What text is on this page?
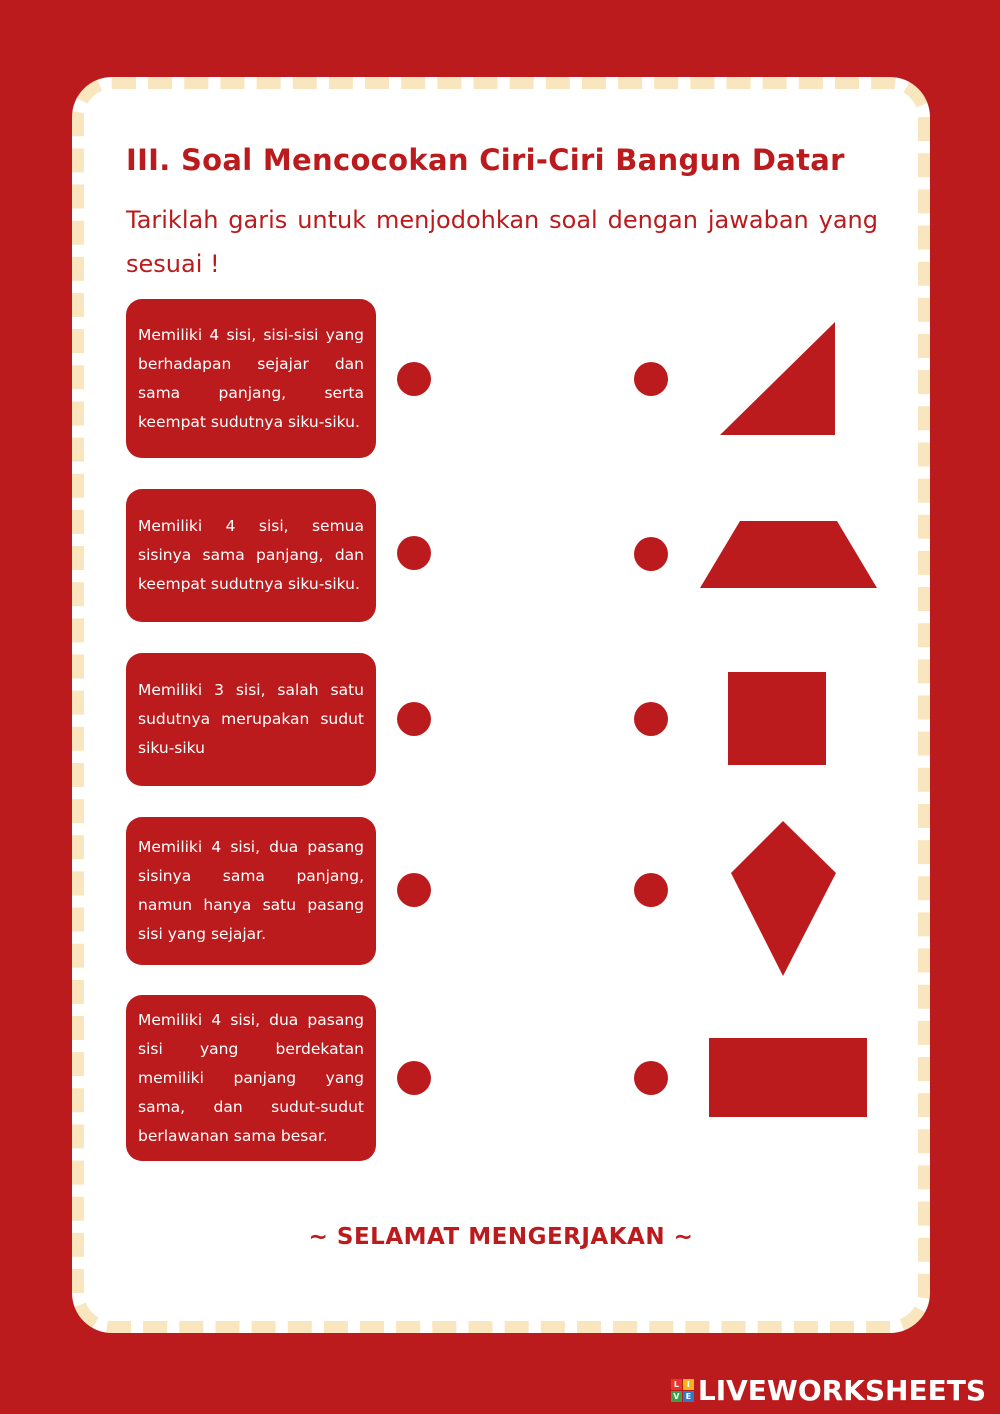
III. Soal Mencocokan Ciri-Ciri Bangun Datar
Tariklah garis untuk menjodohkan soal dengan jawaban yang sesuai !
Memiliki 4 sisi, sisi-sisi yang berhadapan sejajar dan sama panjang, serta keempat sudutnya siku-siku.
Memiliki 4 sisi, semua sisinya sama panjang, dan keempat sudutnya siku-siku.
Memiliki 3 sisi, salah satu sudutnya merupakan sudut siku-siku
Memiliki 4 sisi, dua pasang sisinya sama panjang, namun hanya satu pasang sisi yang sejajar.
Memiliki 4 sisi, dua pasang sisi yang berdekatan memiliki panjang yang sama, dan sudut-sudut berlawanan sama besar.
~ SELAMAT MENGERJAKAN ~
L I
V E LIVEWORKSHEETS
